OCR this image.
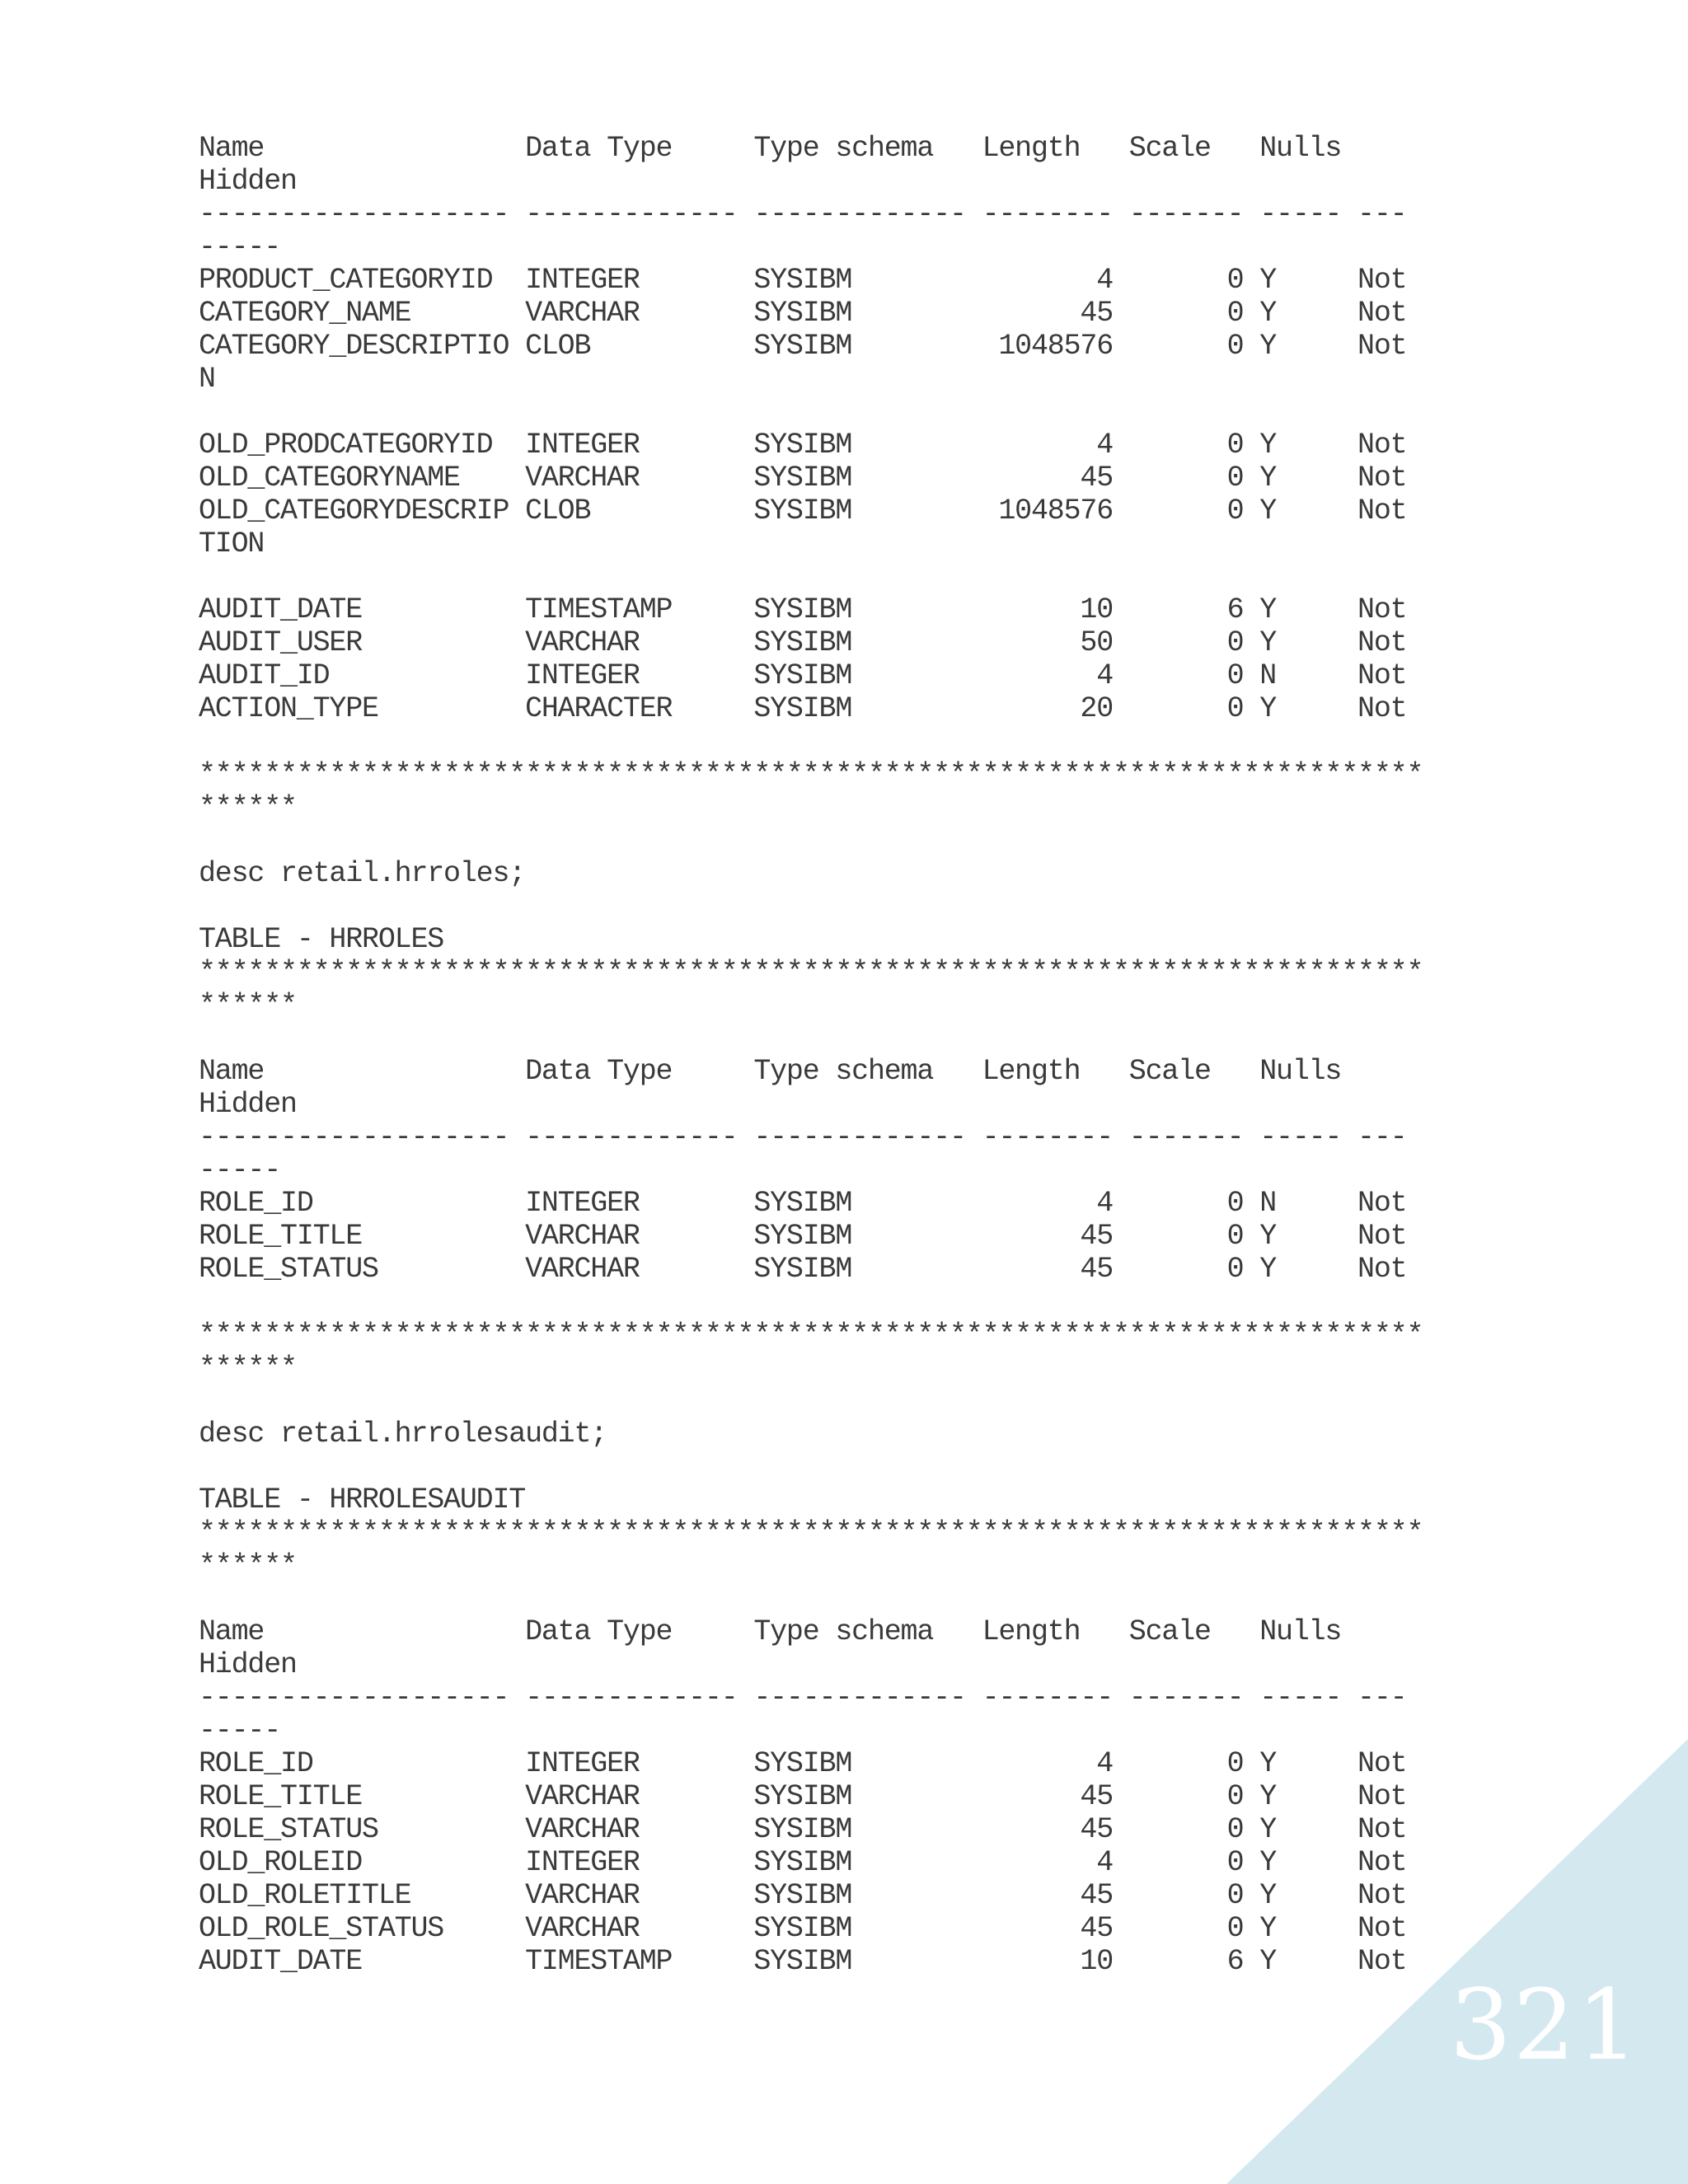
Name                Data Type     Type schema   Length   Scale   Nulls
Hidden
------------------- ------------- ------------- -------- ------- ----- ---
-----
PRODUCT_CATEGORYID  INTEGER       SYSIBM               4       0 Y     Not
CATEGORY_NAME       VARCHAR       SYSIBM              45       0 Y     Not
CATEGORY_DESCRIPTIO CLOB          SYSIBM         1048576       0 Y     Not
N

OLD_PRODCATEGORYID  INTEGER       SYSIBM               4       0 Y     Not
OLD_CATEGORYNAME    VARCHAR       SYSIBM              45       0 Y     Not
OLD_CATEGORYDESCRIP CLOB          SYSIBM         1048576       0 Y     Not
TION

AUDIT_DATE          TIMESTAMP     SYSIBM              10       6 Y     Not
AUDIT_USER          VARCHAR       SYSIBM              50       0 Y     Not
AUDIT_ID            INTEGER       SYSIBM               4       0 N     Not
ACTION_TYPE         CHARACTER     SYSIBM              20       0 Y     Not

***************************************************************************
******

desc retail.hrroles;

TABLE - HRROLES
***************************************************************************
******

Name                Data Type     Type schema   Length   Scale   Nulls
Hidden
------------------- ------------- ------------- -------- ------- ----- ---
-----
ROLE_ID             INTEGER       SYSIBM               4       0 N     Not
ROLE_TITLE          VARCHAR       SYSIBM              45       0 Y     Not
ROLE_STATUS         VARCHAR       SYSIBM              45       0 Y     Not

***************************************************************************
******

desc retail.hrrolesaudit;

TABLE - HRROLESAUDIT
***************************************************************************
******

Name                Data Type     Type schema   Length   Scale   Nulls
Hidden
------------------- ------------- ------------- -------- ------- ----- ---
-----
ROLE_ID             INTEGER       SYSIBM               4       0 Y     Not
ROLE_TITLE          VARCHAR       SYSIBM              45       0 Y     Not
ROLE_STATUS         VARCHAR       SYSIBM              45       0 Y     Not
OLD_ROLEID          INTEGER       SYSIBM               4       0 Y     Not
OLD_ROLETITLE       VARCHAR       SYSIBM              45       0 Y     Not
OLD_ROLE_STATUS     VARCHAR       SYSIBM              45       0 Y     Not
AUDIT_DATE          TIMESTAMP     SYSIBM              10       6 Y     Not
321
